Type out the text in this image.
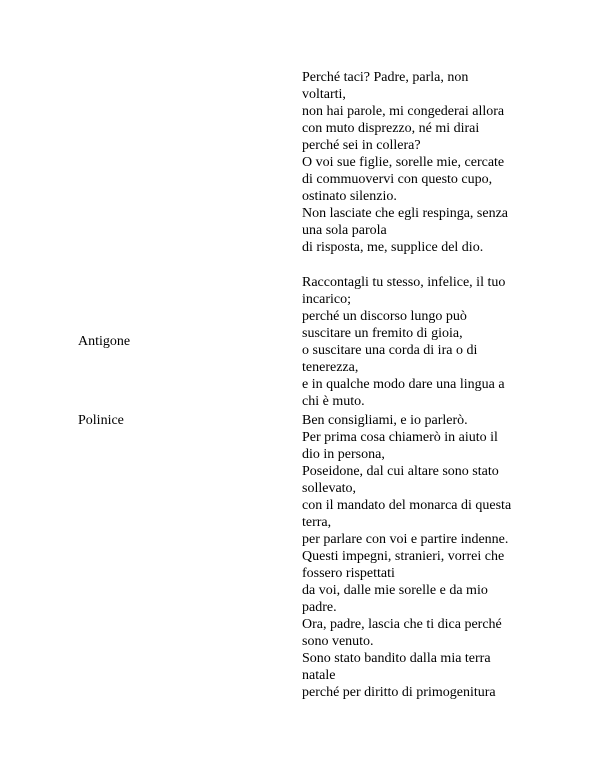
Perché taci? Padre, parla, non
voltarti,
non hai parole, mi congederai allora
con muto disprezzo, né mi dirai
perché sei in collera?
O voi sue figlie, sorelle mie, cercate
di commuovervi con questo cupo,
ostinato silenzio.
Non lasciate che egli respinga, senza
una sola parola
di risposta, me, supplice del dio.
Antigone
Raccontagli tu stesso, infelice, il tuo
incarico;
perché un discorso lungo può
suscitare un fremito di gioia,
o suscitare una corda di ira o di
tenerezza,
e in qualche modo dare una lingua a
chi è muto.
Polinice	Ben consigliami, e io parlerò.
Per prima cosa chiamerò in aiuto il
dio in persona,
Poseidone, dal cui altare sono stato
sollevato,
con il mandato del monarca di questa
terra,
per parlare con voi e partire indenne.
Questi impegni, stranieri, vorrei che
fossero rispettati
da voi, dalle mie sorelle e da mio
padre.
Ora, padre, lascia che ti dica perché
sono venuto.
Sono stato bandito dalla mia terra
natale
perché per diritto di primogenitura
